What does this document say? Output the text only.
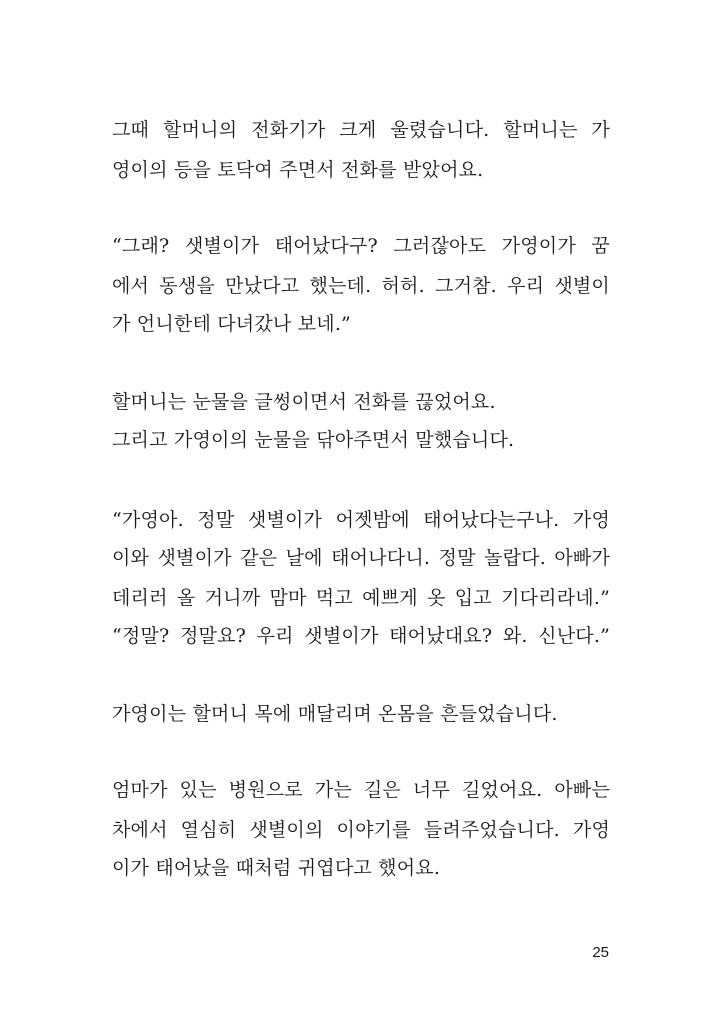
그때 할머니의 전화기가 크게 울렸습니다. 할머니는 가
영이의 등을 토닥여 주면서 전화를 받았어요.
“그래? 샛별이가 태어났다구? 그러잖아도 가영이가 꿈
에서 동생을 만났다고 했는데. 허허. 그거참. 우리 샛별이
가 언니한테 다녀갔나 보네.”
할머니는 눈물을 글썽이면서 전화를 끊었어요.
그리고 가영이의 눈물을 닦아주면서 말했습니다.
“가영아. 정말 샛별이가 어젯밤에 태어났다는구나. 가영
이와 샛별이가 같은 날에 태어나다니. 정말 놀랍다. 아빠가
데리러 올 거니까 맘마 먹고 예쁘게 옷 입고 기다리라네.”
“정말? 정말요? 우리 샛별이가 태어났대요? 와. 신난다.”
가영이는 할머니 목에 매달리며 온몸을 흔들었습니다.
엄마가 있는 병원으로 가는 길은 너무 길었어요. 아빠는
차에서 열심히 샛별이의 이야기를 들려주었습니다. 가영
이가 태어났을 때처럼 귀엽다고 했어요.
25
